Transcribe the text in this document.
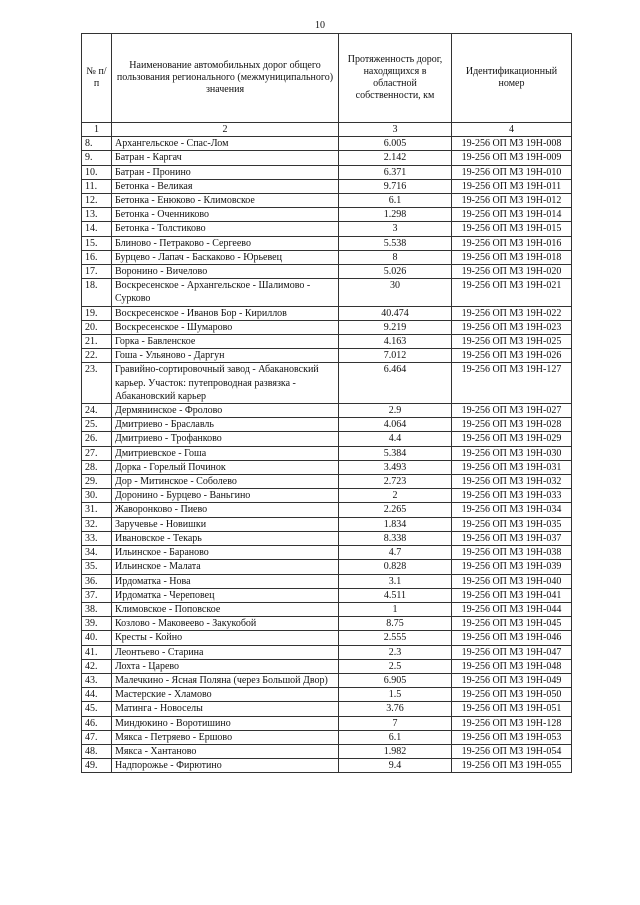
10
№ п/п	Наименование автомобильных дорог общего пользования регионального (межмуниципального) значения	Протяженность дорог, находящихся в областной собственности, км	Идентификационный номер
1	2	3	4
8.	Архангельское - Спас-Лом	6.005	19-256 ОП МЗ 19Н-008
9.	Батран - Каргач	2.142	19-256 ОП МЗ 19Н-009
10.	Батран - Пронино	6.371	19-256 ОП МЗ 19Н-010
11.	Бетонка - Великая	9.716	19-256 ОП МЗ 19Н-011
12.	Бетонка - Енюково - Климовское	6.1	19-256 ОП МЗ 19Н-012
13.	Бетонка - Оченниково	1.298	19-256 ОП МЗ 19Н-014
14.	Бетонка - Толстиково	3	19-256 ОП МЗ 19Н-015
15.	Блиново - Петраково - Сергеево	5.538	19-256 ОП МЗ 19Н-016
16.	Бурцево - Лапач - Баскаково - Юрьевец	8	19-256 ОП МЗ 19Н-018
17.	Воронино - Вичелово	5.026	19-256 ОП МЗ 19Н-020
18.	Воскресенское - Архангельское - Шалимово - Сурково	30	19-256 ОП МЗ 19Н-021
19.	Воскресенское - Иванов Бор - Кириллов	40.474	19-256 ОП МЗ 19Н-022
20.	Воскресенское - Шумарово	9.219	19-256 ОП МЗ 19Н-023
21.	Горка - Бавленское	4.163	19-256 ОП МЗ 19Н-025
22.	Гоша - Ульяново - Даргун	7.012	19-256 ОП МЗ 19Н-026
23.	Гравийно-сортировочный завод - Абакановский карьер. Участок: путепроводная развязка - Абакановский карьер	6.464	19-256 ОП МЗ 19Н-127
24.	Дермянинское - Фролово	2.9	19-256 ОП МЗ 19Н-027
25.	Дмитриево - Браславль	4.064	19-256 ОП МЗ 19Н-028
26.	Дмитриево - Трофанково	4.4	19-256 ОП МЗ 19Н-029
27.	Дмитриевское - Гоша	5.384	19-256 ОП МЗ 19Н-030
28.	Дорка - Горелый Починок	3.493	19-256 ОП МЗ 19Н-031
29.	Дор - Митинское - Соболево	2.723	19-256 ОП МЗ 19Н-032
30.	Доронино - Бурцево - Ваньгино	2	19-256 ОП МЗ 19Н-033
31.	Жаворонково - Пиево	2.265	19-256 ОП МЗ 19Н-034
32.	Заручевье - Новишки	1.834	19-256 ОП МЗ 19Н-035
33.	Ивановское - Текарь	8.338	19-256 ОП МЗ 19Н-037
34.	Ильинское - Бараново	4.7	19-256 ОП МЗ 19Н-038
35.	Ильинское - Малата	0.828	19-256 ОП МЗ 19Н-039
36.	Ирдоматка - Нова	3.1	19-256 ОП МЗ 19Н-040
37.	Ирдоматка - Череповец	4.511	19-256 ОП МЗ 19Н-041
38.	Климовское - Поповское	1	19-256 ОП МЗ 19Н-044
39.	Козлово - Маковеево - Закукобой	8.75	19-256 ОП МЗ 19Н-045
40.	Кресты - Койно	2.555	19-256 ОП МЗ 19Н-046
41.	Леонтьево - Старина	2.3	19-256 ОП МЗ 19Н-047
42.	Лохта - Царево	2.5	19-256 ОП МЗ 19Н-048
43.	Малечкино - Ясная Поляна (через Большой Двор)	6.905	19-256 ОП МЗ 19Н-049
44.	Мастерские - Хламово	1.5	19-256 ОП МЗ 19Н-050
45.	Матинга - Новоселы	3.76	19-256 ОП МЗ 19Н-051
46.	Миндюкино - Воротишино	7	19-256 ОП МЗ 19Н-128
47.	Мякса - Петряево - Ершово	6.1	19-256 ОП МЗ 19Н-053
48.	Мякса - Хантаново	1.982	19-256 ОП МЗ 19Н-054
49.	Надпорожье - Фирютино	9.4	19-256 ОП МЗ 19Н-055
